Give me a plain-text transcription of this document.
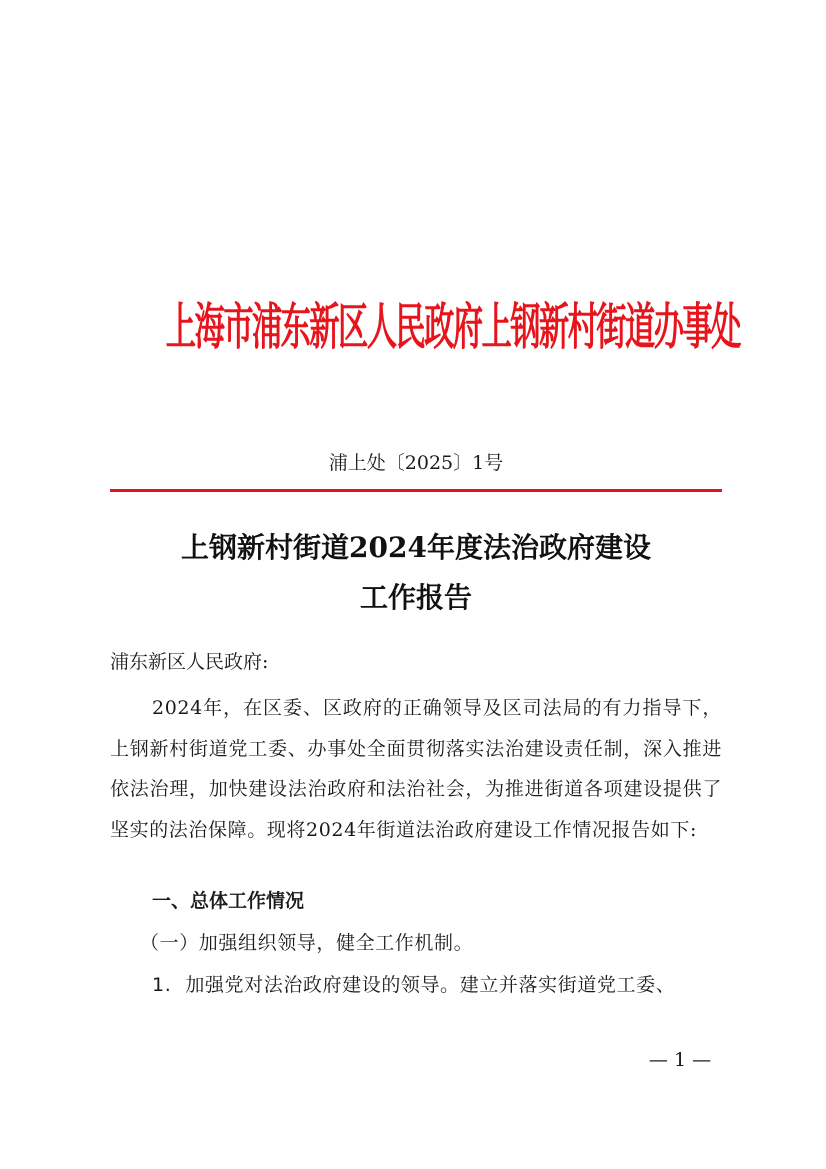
上海市浦东新区人民政府上钢新村街道办事处
浦上处〔2025〕1号
上钢新村街道2024年度法治政府建设
工作报告
浦东新区人民政府:
2024年，在区委、区政府的正确领导及区司法局的有力指导下，上钢新村街道党工委、办事处全面贯彻落实法治建设责任制，深入推进依法治理，加快建设法治政府和法治社会，为推进街道各项建设提供了坚实的法治保障。现将2024年街道法治政府建设工作情况报告如下:
一、总体工作情况
（一）加强组织领导，健全工作机制。
1. 加强党对法治政府建设的领导。建立并落实街道党工委、
— 1 —
